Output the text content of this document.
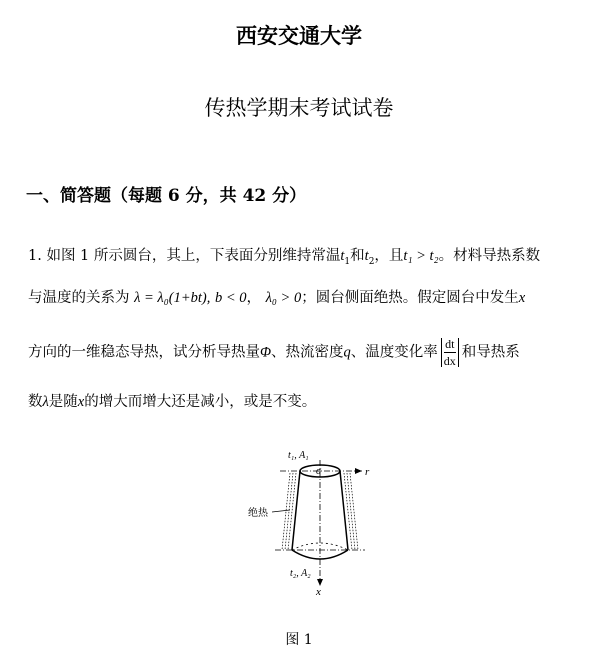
西安交通大学
传热学期末考试试卷
一、简答题（每题 6 分，共 42 分）
1. 如图 1 所示圆台，其上，下表面分别维持常温$t_1$和$t_2$，且t₁ > t₂。材料导热系数
与温度的关系为 λ = λ₀(1+bt), b < 0， λ₀ > 0；圆台侧面绝热。假定圆台中发生x
方向的一维稳态导热，试分析导热量Φ、热流密度q、温度变化率 $\frac{dt}{dx}$ 和导热系
数λ是随x的增大而增大还是减小，或是不变。
t₁, A₁
r
σ
绝热
t₂, A₂
x
图 1
